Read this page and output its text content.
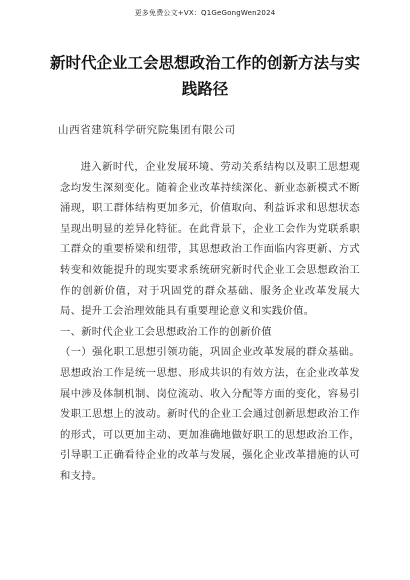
更多免费公文+VX：Q1GeGongWen2024
新时代企业工会思想政治工作的创新方法与实
践路径
山西省建筑科学研究院集团有限公司

进入新时代，企业发展环境、劳动关系结构以及职工思想观念均发生深刻变化。随着企业改革持续深化、新业态新模式不断涌现，职工群体结构更加多元，价值取向、利益诉求和思想状态呈现出明显的差异化特征。在此背景下，企业工会作为党联系职工群众的重要桥梁和纽带，其思想政治工作面临内容更新、方式转变和效能提升的现实要求系统研究新时代企业工会思想政治工作的创新价值，对于巩固党的群众基础、服务企业改革发展大局、提升工会治理效能具有重要理论意义和实践价值。

一、新时代企业工会思想政治工作的创新价值

（一）强化职工思想引领功能，巩固企业改革发展的群众基础。思想政治工作是统一思想、形成共识的有效方法，在企业改革发展中涉及体制机制、岗位流动、收入分配等方面的变化，容易引发职工思想上的波动。新时代的企业工会通过创新思想政治工作的形式，可以更加主动、更加准确地做好职工的思想政治工作，引导职工正确看待企业的改革与发展，强化企业改革措施的认可和支持。
